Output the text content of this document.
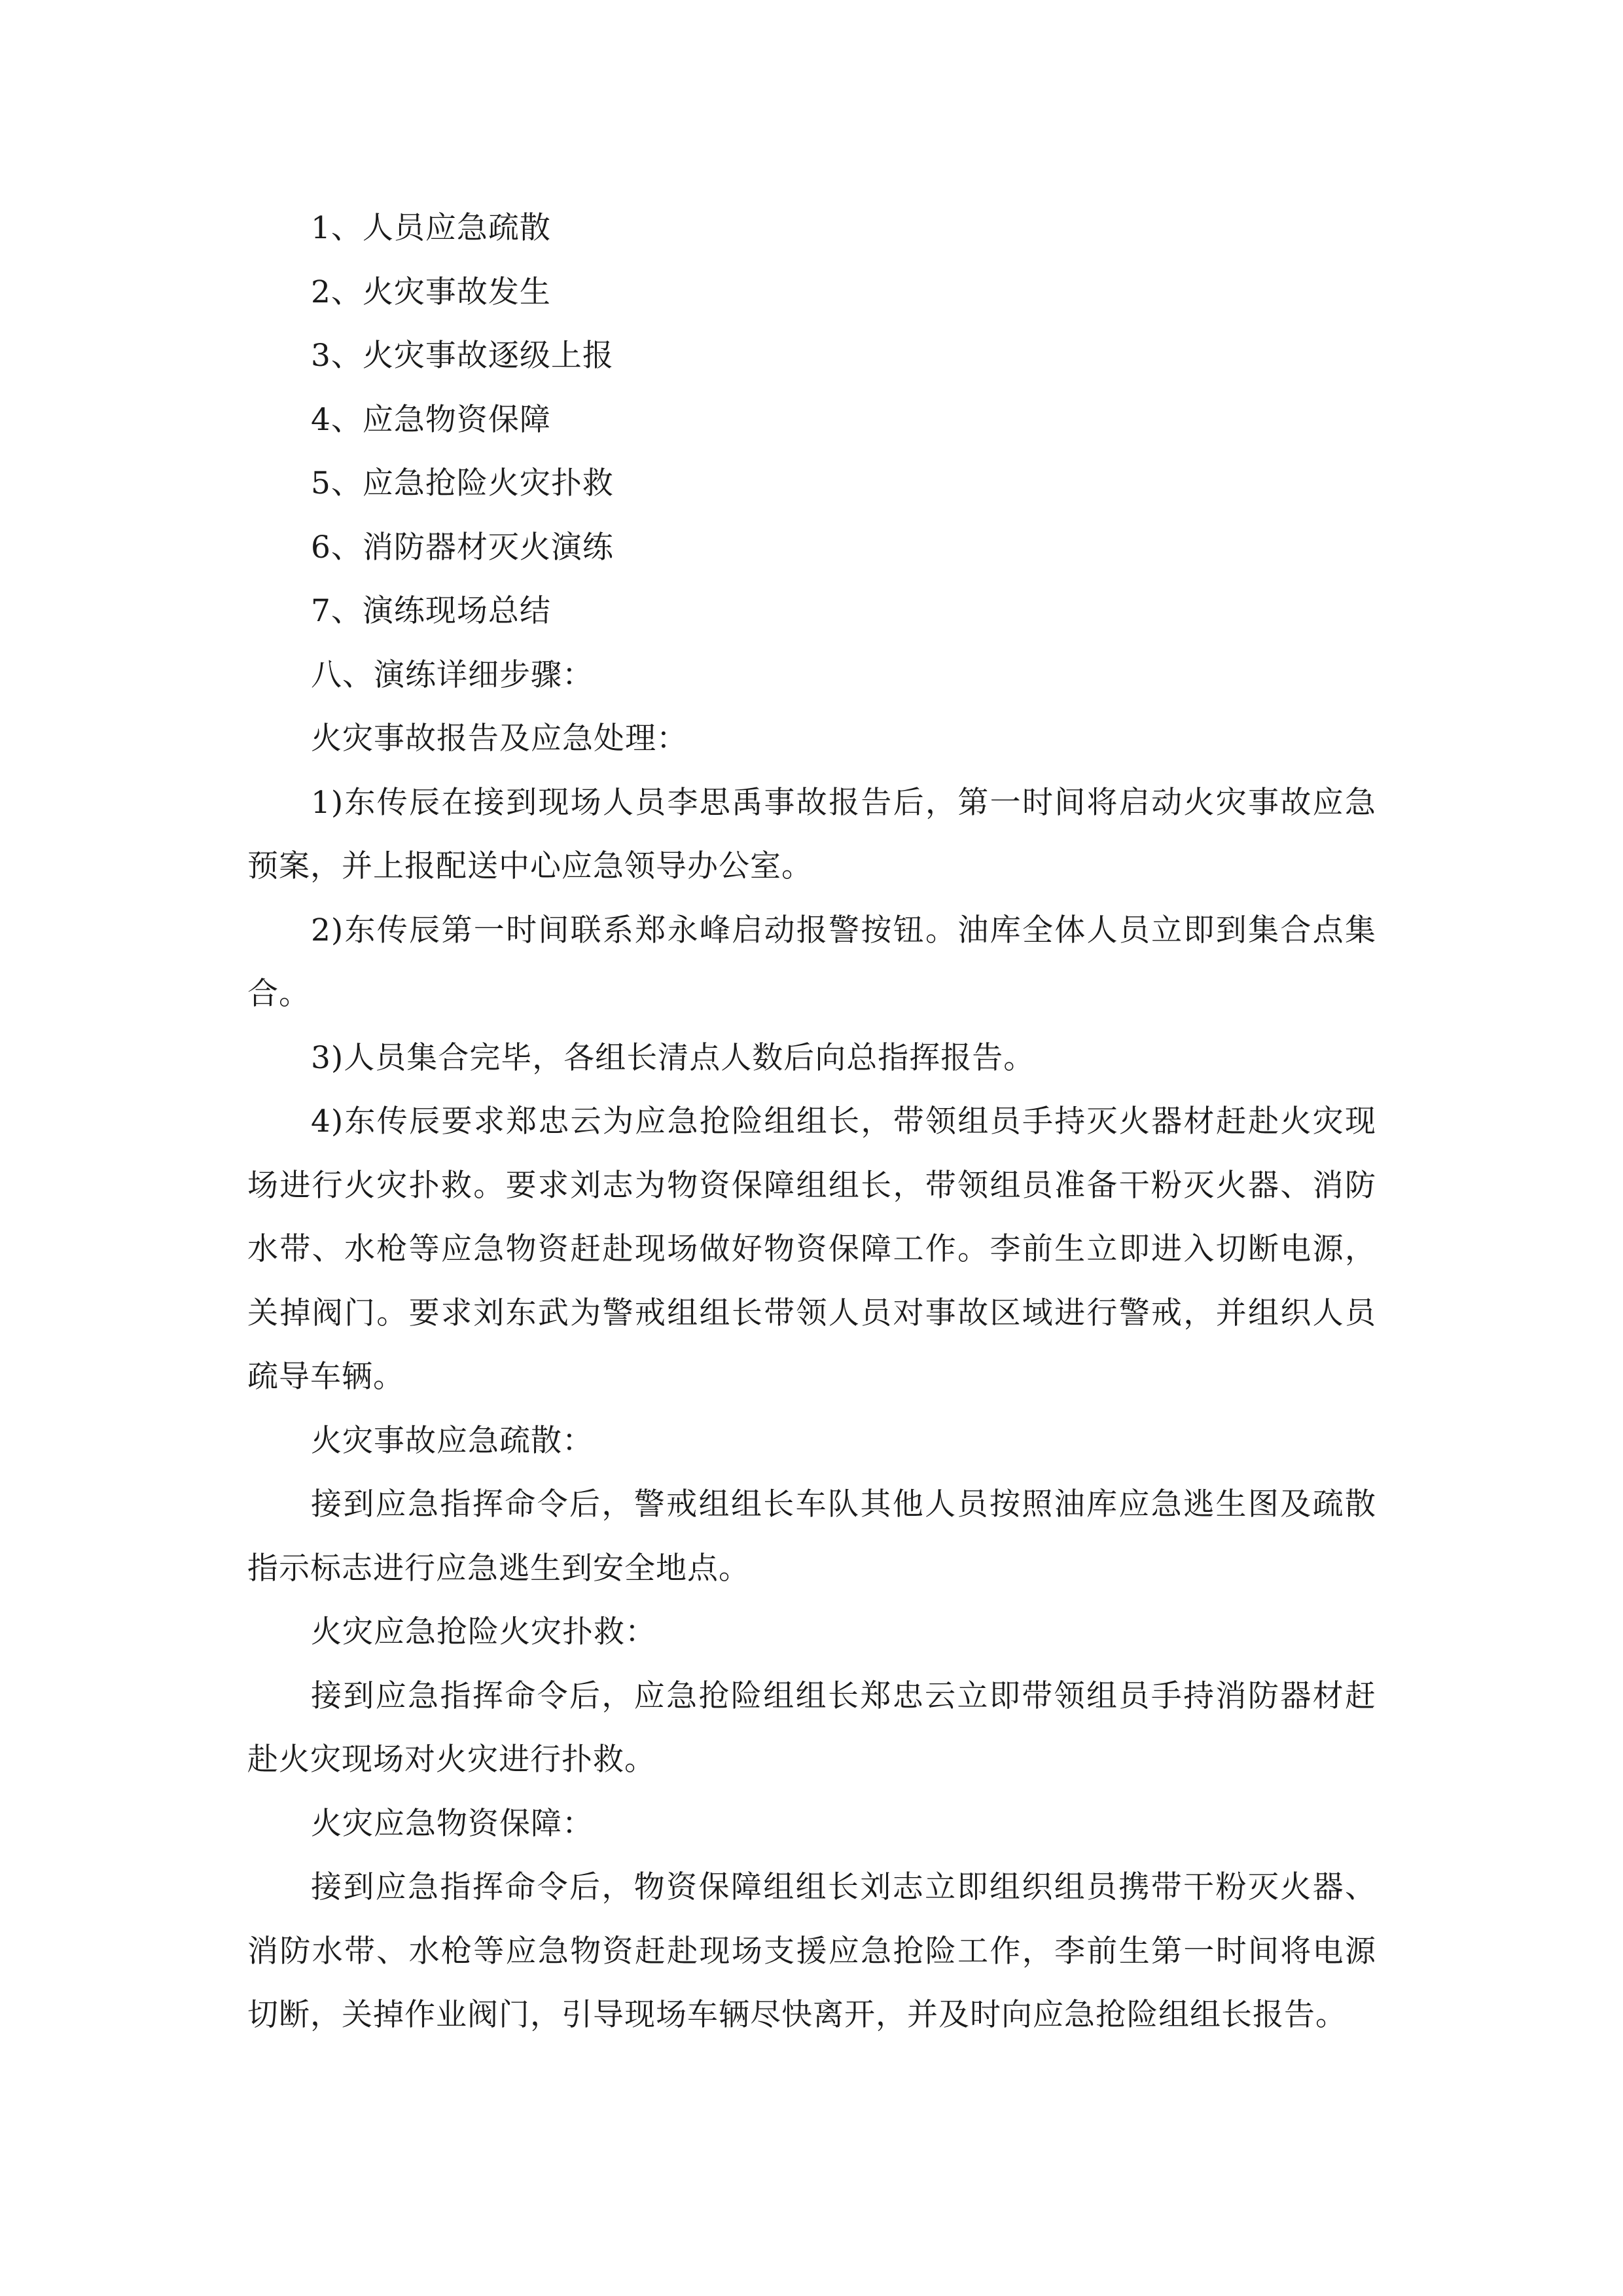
1、人员应急疏散
2、火灾事故发生
3、火灾事故逐级上报
4、应急物资保障
5、应急抢险火灾扑救
6、消防器材灭火演练
7、演练现场总结
八、演练详细步骤：
火灾事故报告及应急处理：

1)东传辰在接到现场人员李思禹事故报告后，第一时间将启动火灾事故应急预案，并上报配送中心应急领导办公室。

2)东传辰第一时间联系郑永峰启动报警按钮。油库全体人员立即到集合点集合。

3)人员集合完毕，各组长清点人数后向总指挥报告。

4)东传辰要求郑忠云为应急抢险组组长，带领组员手持灭火器材赶赴火灾现场进行火灾扑救。要求刘志为物资保障组组长，带领组员准备干粉灭火器、消防水带、水枪等应急物资赶赴现场做好物资保障工作。李前生立即进入切断电源，关掉阀门。要求刘东武为警戒组组长带领人员对事故区域进行警戒，并组织人员疏导车辆。

火灾事故应急疏散：

接到应急指挥命令后，警戒组组长车队其他人员按照油库应急逃生图及疏散指示标志进行应急逃生到安全地点。

火灾应急抢险火灾扑救：

接到应急指挥命令后，应急抢险组组长郑忠云立即带领组员手持消防器材赶赴火灾现场对火灾进行扑救。

火灾应急物资保障：

接到应急指挥命令后，物资保障组组长刘志立即组织组员携带干粉灭火器、消防水带、水枪等应急物资赶赴现场支援应急抢险工作，李前生第一时间将电源切断，关掉作业阀门，引导现场车辆尽快离开，并及时向应急抢险组组长报告。
